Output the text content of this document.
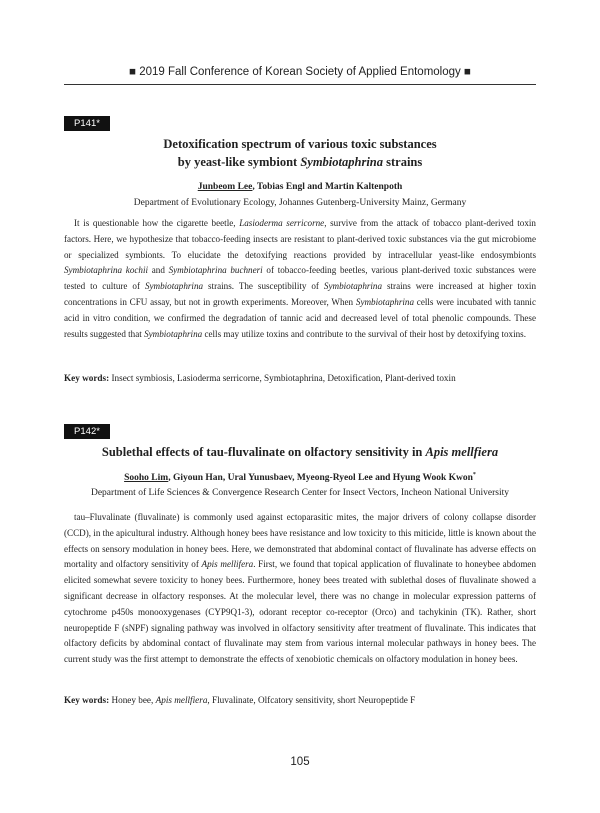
■ 2019 Fall Conference of Korean Society of Applied Entomology ■
P141*
Detoxification spectrum of various toxic substances
by yeast-like symbiont Symbiotaphrina strains
Junbeom Lee, Tobias Engl and Martin Kaltenpoth
Department of Evolutionary Ecology, Johannes Gutenberg-University Mainz, Germany

It is questionable how the cigarette beetle, Lasioderma serricorne, survive from the attack of tobacco plant-derived toxin factors. Here, we hypothesize that tobacco-feeding insects are resistant to plant-derived toxic substances via the gut microbiome or specialized symbionts. To elucidate the detoxifying reactions provided by intracellular yeast-like endosymbionts Symbiotaphrina kochii and Symbiotaphrina buchneri of tobacco-feeding beetles, various plant-derived toxic substances were tested to culture of Symbiotaphrina strains. The susceptibility of Symbiotaphrina strains were increased at higher toxin concentrations in CFU assay, but not in growth experiments. Moreover, When Symbiotaphrina cells were incubated with tannic acid in vitro condition, we confirmed the degradation of tannic acid and decreased level of total phenolic compounds. These results suggested that Symbiotaphrina cells may utilize toxins and contribute to the survival of their host by detoxifying toxins.

Key words: Insect symbiosis, Lasioderma serricorne, Symbiotaphrina, Detoxification, Plant-derived toxin
P142*
Sublethal effects of tau-fluvalinate on olfactory sensitivity in Apis mellfiera
Sooho Lim, Giyoun Han, Ural Yunusbaev, Myeong-Ryeol Lee and Hyung Wook Kwon*
Department of Life Sciences & Convergence Research Center for Insect Vectors, Incheon National University

tau–Fluvalinate (fluvalinate) is commonly used against ectoparasitic mites, the major drivers of colony collapse disorder (CCD), in the apicultural industry. Although honey bees have resistance and low toxicity to this miticide, little is known about the effects on sensory modulation in honey bees. Here, we demonstrated that abdominal contact of fluvalinate has adverse effects on mortality and olfactory sensitivity of Apis mellifera. First, we found that topical application of fluvalinate to honeybee abdomen elicited somewhat severe toxicity to honey bees. Furthermore, honey bees treated with sublethal doses of fluvalinate showed a significant decrease in olfactory responses. At the molecular level, there was no change in molecular expression patterns of cytochrome p450s monooxygenases (CYP9Q1-3), odorant receptor co-receptor (Orco) and tachykinin (TK). Rather, short neuropeptide F (sNPF) signaling pathway was involved in olfactory sensitivity after treatment of fluvalinate. This indicates that olfactory deficits by abdominal contact of fluvalinate may stem from various internal molecular pathways in honey bees. The current study was the first attempt to demonstrate the effects of xenobiotic chemicals on olfactory modulation in honey bees.

Key words: Honey bee, Apis mellfiera, Fluvalinate, Olfcatory sensitivity, short Neuropeptide F
105
